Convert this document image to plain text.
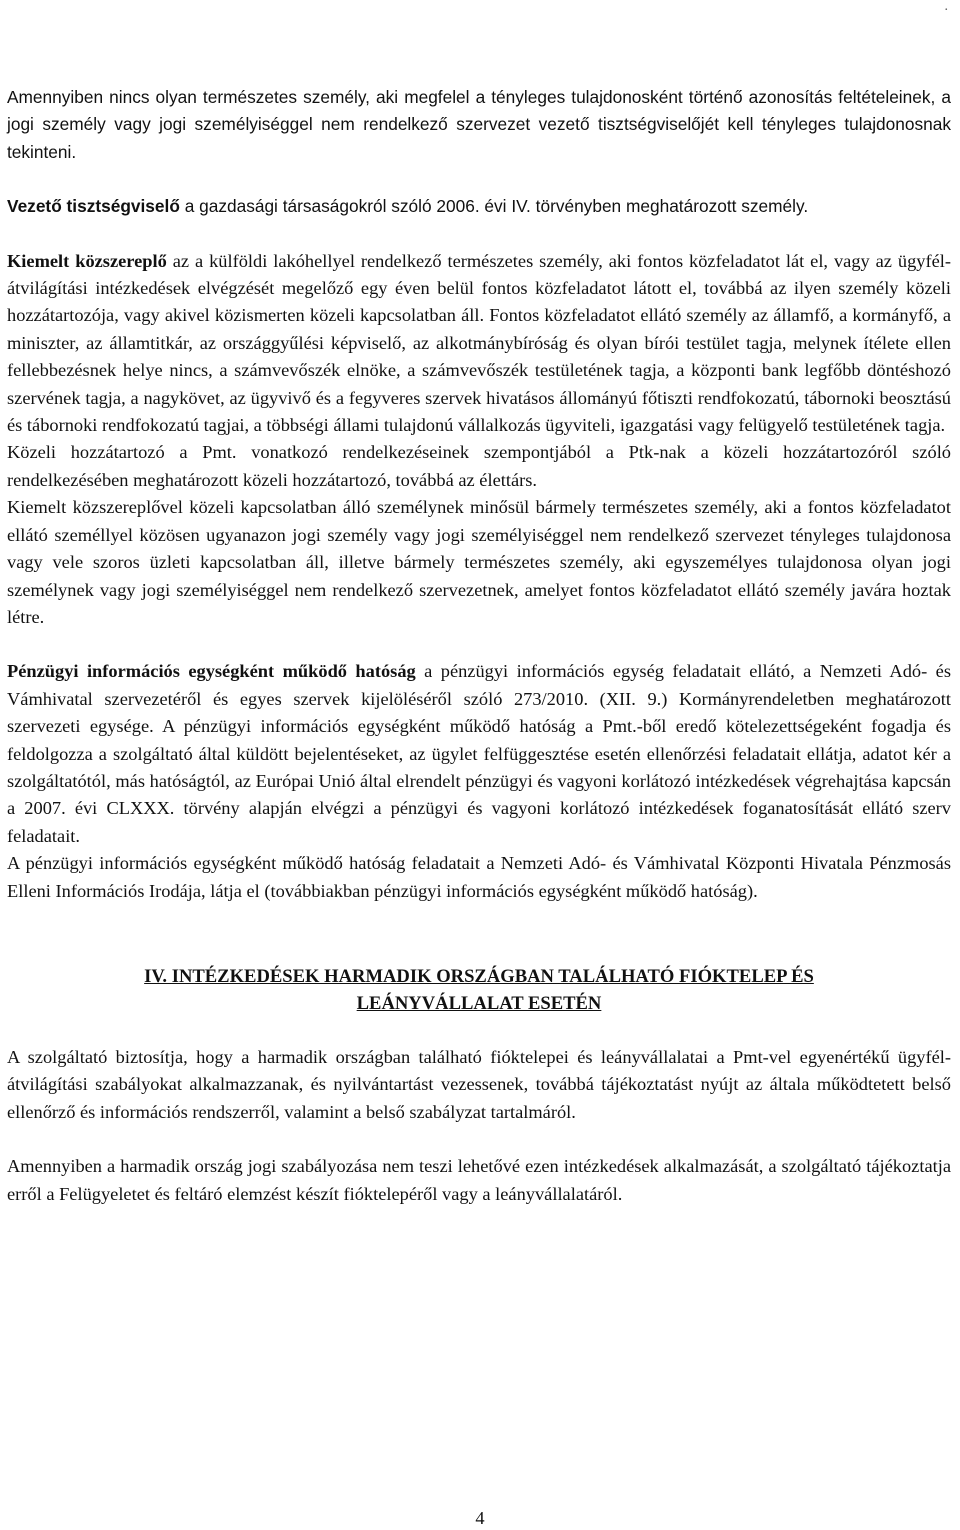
.

Amennyiben nincs olyan természetes személy, aki megfelel a tényleges tulajdonosként történő azonosítás feltételeinek, a jogi személy vagy jogi személyiséggel nem rendelkező szervezet vezető tisztségviselőjét kell tényleges tulajdonosnak tekinteni.

Vezető tisztségviselő a gazdasági társaságokról szóló 2006. évi IV. törvényben meghatározott személy.

Kiemelt közszereplő az a külföldi lakóhellyel rendelkező természetes személy, aki fontos közfeladatot lát el, vagy az ügyfél-átvilágítási intézkedések elvégzését megelőző egy éven belül fontos közfeladatot látott el, továbbá az ilyen személy közeli hozzátartozója, vagy akivel közismerten közeli kapcsolatban áll. Fontos közfeladatot ellátó személy az államfő, a kormányfő, a miniszter, az államtitkár, az országgyűlési képviselő, az alkotmánybíróság és olyan bírói testület tagja, melynek ítélete ellen fellebbezésnek helye nincs, a számvevőszék elnöke, a számvevőszék testületének tagja, a központi bank legfőbb döntéshozó szervének tagja, a nagykövet, az ügyvivő és a fegyveres szervek hivatásos állományú főtiszti rendfokozatú, tábornoki beosztású és tábornoki rendfokozatú tagjai, a többségi állami tulajdonú vállalkozás ügyviteli, igazgatási vagy felügyelő testületének tagja.

Közeli hozzátartozó a Pmt. vonatkozó rendelkezéseinek szempontjából a Ptk-nak a közeli hozzátartozóról szóló rendelkezésében meghatározott közeli hozzátartozó, továbbá az élettárs.

Kiemelt közszereplővel közeli kapcsolatban álló személynek minősül bármely természetes személy, aki a fontos közfeladatot ellátó személlyel közösen ugyanazon jogi személy vagy jogi személyiséggel nem rendelkező szervezet tényleges tulajdonosa vagy vele szoros üzleti kapcsolatban áll, illetve bármely természetes személy, aki egyszemélyes tulajdonosa olyan jogi személynek vagy jogi személyiséggel nem rendelkező szervezetnek, amelyet fontos közfeladatot ellátó személy javára hoztak létre.

Pénzügyi információs egységként működő hatóság a pénzügyi információs egység feladatait ellátó, a Nemzeti Adó- és Vámhivatal szervezetéről és egyes szervek kijelöléséről szóló 273/2010. (XII. 9.) Kormányrendeletben meghatározott szervezeti egysége. A pénzügyi információs egységként működő hatóság a Pmt.-ből eredő kötelezettségeként fogadja és feldolgozza a szolgáltató által küldött bejelentéseket, az ügylet felfüggesztése esetén ellenőrzési feladatait ellátja, adatot kér a szolgáltatótól, más hatóságtól, az Európai Unió által elrendelt pénzügyi és vagyoni korlátozó intézkedések végrehajtása kapcsán a 2007. évi CLXXX. törvény alapján elvégzi a pénzügyi és vagyoni korlátozó intézkedések foganatosítását ellátó szerv feladatait.

A pénzügyi információs egységként működő hatóság feladatait a Nemzeti Adó- és Vámhivatal Központi Hivatala Pénzmosás Elleni Információs Irodája, látja el (továbbiakban pénzügyi információs egységként működő hatóság).

IV. INTÉZKEDÉSEK HARMADIK ORSZÁGBAN TALÁLHATÓ FIÓKTELEP ÉS

LEÁNYVÁLLALAT ESETÉN

A szolgáltató biztosítja, hogy a harmadik országban található fióktelepei és leányvállalatai a Pmt-vel egyenértékű ügyfél-átvilágítási szabályokat alkalmazzanak, és nyilvántartást vezessenek, továbbá tájékoztatást nyújt az általa működtetett belső ellenőrző és információs rendszerről, valamint a belső szabályzat tartalmáról.

Amennyiben a harmadik ország jogi szabályozása nem teszi lehetővé ezen intézkedések alkalmazását, a szolgáltató tájékoztatja erről a Felügyeletet és feltáró elemzést készít fióktelepéről vagy a leányvállalatáról.

4
